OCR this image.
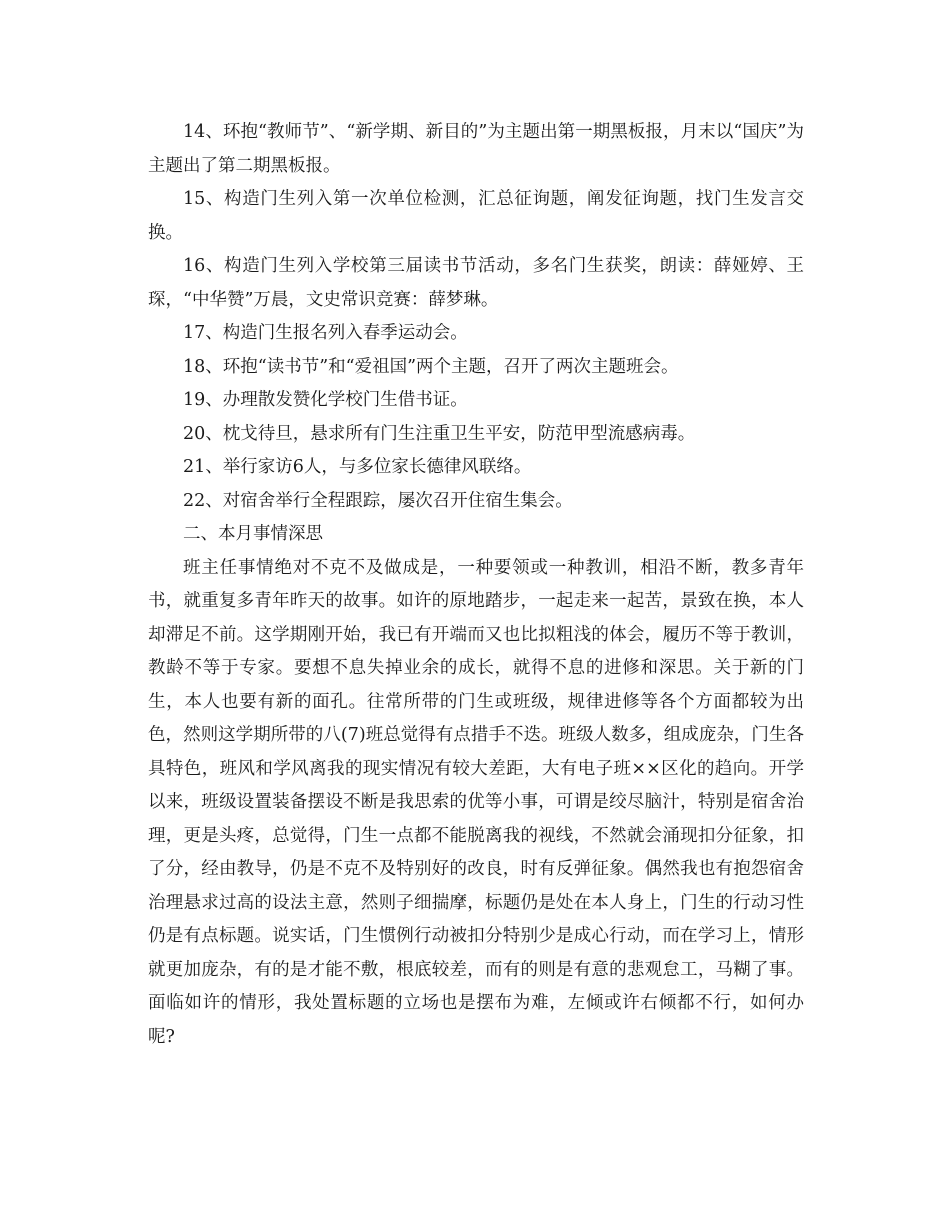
14、环抱“教师节”、“新学期、新目的”为主题出第一期黑板报，月末以“国庆”为主题出了第二期黑板报。

15、构造门生列入第一次单位检测，汇总征询题，阐发征询题，找门生发言交换。

16、构造门生列入学校第三届读书节活动，多名门生获奖，朗读：薛娅婷、王琛，“中华赞”万晨，文史常识竞赛：薛梦琳。

17、构造门生报名列入春季运动会。

18、环抱“读书节”和“爱祖国”两个主题，召开了两次主题班会。

19、办理散发赞化学校门生借书证。

20、枕戈待旦，悬求所有门生注重卫生平安，防范甲型流感病毒。

21、举行家访6人，与多位家长德律风联络。

22、对宿舍举行全程跟踪，屡次召开住宿生集会。

二、本月事情深思

班主任事情绝对不克不及做成是，一种要领或一种教训，相沿不断，教多青年书，就重复多青年昨天的故事。如许的原地踏步，一起走来一起苦，景致在换，本人却滞足不前。这学期刚开始，我已有开端而又也比拟粗浅的体会，履历不等于教训，教龄不等于专家。要想不息失掉业余的成长，就得不息的进修和深思。关于新的门生，本人也要有新的面孔。往常所带的门生或班级，规律进修等各个方面都较为出色，然则这学期所带的八(7)班总觉得有点措手不迭。班级人数多，组成庞杂，门生各具特色，班风和学风离我的现实情况有较大差距，大有电子班××区化的趋向。开学以来，班级设置装备摆设不断是我思索的优等小事，可谓是绞尽脑汁，特别是宿舍治理，更是头疼，总觉得，门生一点都不能脱离我的视线，不然就会涌现扣分征象，扣了分，经由教导，仍是不克不及特别好的改良，时有反弹征象。偶然我也有抱怨宿舍治理悬求过高的设法主意，然则子细揣摩，标题仍是处在本人身上，门生的行动习性仍是有点标题。说实话，门生惯例行动被扣分特别少是成心行动，而在学习上，情形就更加庞杂，有的是才能不敷，根底较差，而有的则是有意的悲观怠工，马糊了事。面临如许的情形，我处置标题的立场也是摆布为难，左倾或许右倾都不行，如何办呢?
